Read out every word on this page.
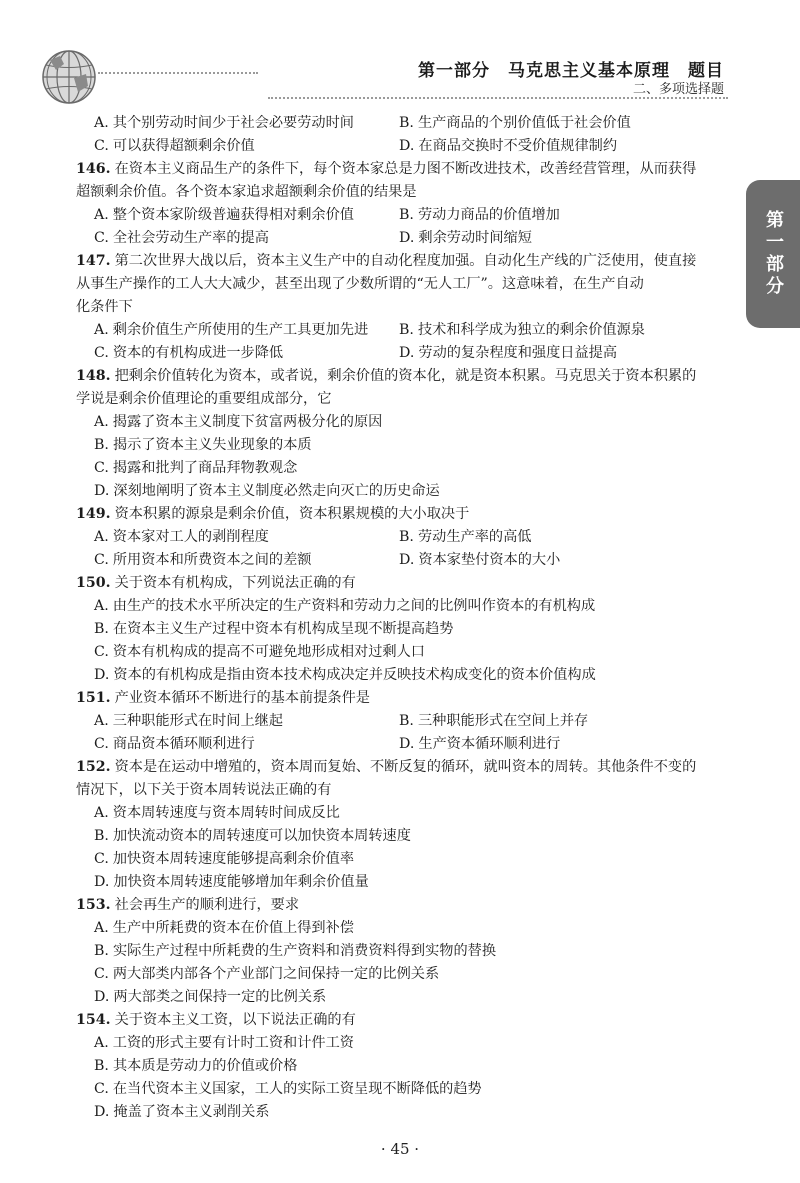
第一部分　马克思主义基本原理　题目
二、多项选择题
第一部分
A. 其个别劳动时间少于社会必要劳动时间	B. 生产商品的个别价值低于社会价值
C. 可以获得超额剩余价值	D. 在商品交换时不受价值规律制约
146. 在资本主义商品生产的条件下，每个资本家总是力图不断改进技术，改善经营管理，从而获得
超额剩余价值。各个资本家追求超额剩余价值的结果是
A. 整个资本家阶级普遍获得相对剩余价值	B. 劳动力商品的价值增加
C. 全社会劳动生产率的提高	D. 剩余劳动时间缩短
147. 第二次世界大战以后，资本主义生产中的自动化程度加强。自动化生产线的广泛使用，使直接
从事生产操作的工人大大减少，甚至出现了少数所谓的“无人工厂”。这意味着，在生产自动
化条件下
A. 剩余价值生产所使用的生产工具更加先进	B. 技术和科学成为独立的剩余价值源泉
C. 资本的有机构成进一步降低	D. 劳动的复杂程度和强度日益提高
148. 把剩余价值转化为资本，或者说，剩余价值的资本化，就是资本积累。马克思关于资本积累的
学说是剩余价值理论的重要组成部分，它
A. 揭露了资本主义制度下贫富两极分化的原因
B. 揭示了资本主义失业现象的本质
C. 揭露和批判了商品拜物教观念
D. 深刻地阐明了资本主义制度必然走向灭亡的历史命运
149. 资本积累的源泉是剩余价值，资本积累规模的大小取决于
A. 资本家对工人的剥削程度	B. 劳动生产率的高低
C. 所用资本和所费资本之间的差额	D. 资本家垫付资本的大小
150. 关于资本有机构成，下列说法正确的有
A. 由生产的技术水平所决定的生产资料和劳动力之间的比例叫作资本的有机构成
B. 在资本主义生产过程中资本有机构成呈现不断提高趋势
C. 资本有机构成的提高不可避免地形成相对过剩人口
D. 资本的有机构成是指由资本技术构成决定并反映技术构成变化的资本价值构成
151. 产业资本循环不断进行的基本前提条件是
A. 三种职能形式在时间上继起	B. 三种职能形式在空间上并存
C. 商品资本循环顺利进行	D. 生产资本循环顺利进行
152. 资本是在运动中增殖的，资本周而复始、不断反复的循环，就叫资本的周转。其他条件不变的
情况下，以下关于资本周转说法正确的有
A. 资本周转速度与资本周转时间成反比
B. 加快流动资本的周转速度可以加快资本周转速度
C. 加快资本周转速度能够提高剩余价值率
D. 加快资本周转速度能够增加年剩余价值量
153. 社会再生产的顺利进行，要求
A. 生产中所耗费的资本在价值上得到补偿
B. 实际生产过程中所耗费的生产资料和消费资料得到实物的替换
C. 两大部类内部各个产业部门之间保持一定的比例关系
D. 两大部类之间保持一定的比例关系
154. 关于资本主义工资，以下说法正确的有
A. 工资的形式主要有计时工资和计件工资
B. 其本质是劳动力的价值或价格
C. 在当代资本主义国家，工人的实际工资呈现不断降低的趋势
D. 掩盖了资本主义剥削关系
· 45 ·
